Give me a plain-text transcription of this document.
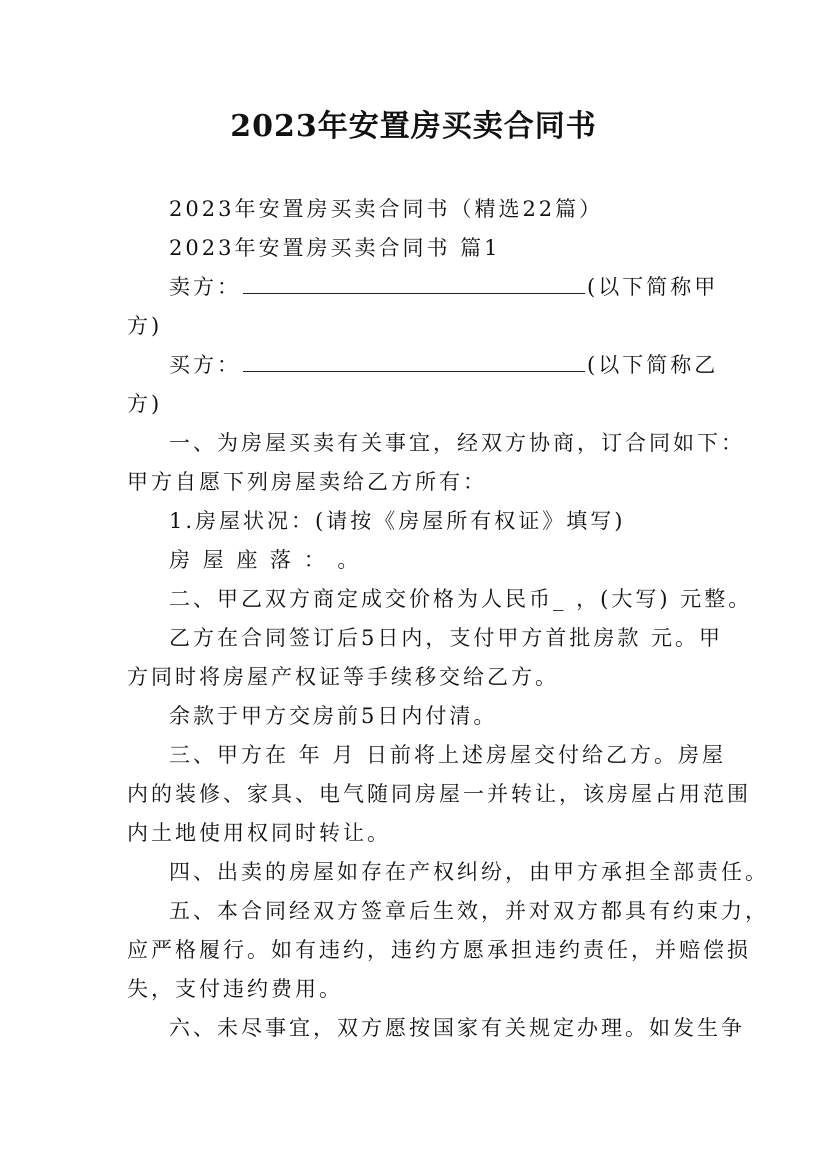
2023年安置房买卖合同书

2023年安置房买卖合同书（精选22篇）

2023年安置房买卖合同书 篇1

卖方：	(以下简称甲

方)

买方：	(以下简称乙

方)

一、为房屋买卖有关事宜，经双方协商，订合同如下：

甲方自愿下列房屋卖给乙方所有：

1.房屋状况：(请按《房屋所有权证》填写)

房 屋 座 落 ： 。

二、甲乙双方商定成交价格为人民币_ ，(大写) 元整。

乙方在合同签订后5日内，支付甲方首批房款 元。甲

方同时将房屋产权证等手续移交给乙方。

余款于甲方交房前5日内付清。

三、甲方在 年 月 日前将上述房屋交付给乙方。房屋

内的装修、家具、电气随同房屋一并转让，该房屋占用范围

内土地使用权同时转让。

四、出卖的房屋如存在产权纠纷，由甲方承担全部责任。

五、本合同经双方签章后生效，并对双方都具有约束力，

应严格履行。如有违约，违约方愿承担违约责任，并赔偿损

失，支付违约费用。

六、未尽事宜，双方愿按国家有关规定办理。如发生争
